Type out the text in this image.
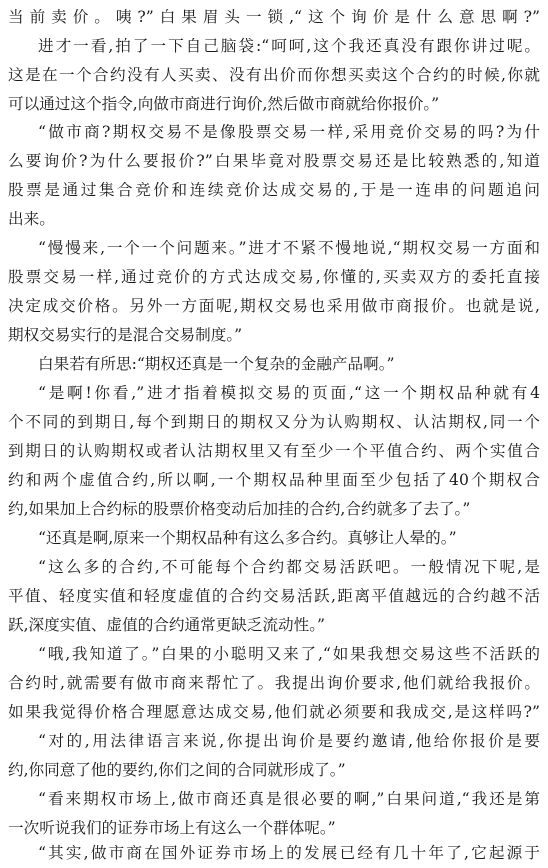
当前卖价。咦?”白果眉头一锁,“这个询价是什么意思啊?”
进才一看,拍了一下自己脑袋:“呵呵,这个我还真没有跟你讲过呢。
这是在一个合约没有人买卖、没有出价而你想买卖这个合约的时候,你就
可以通过这个指令,向做市商进行询价,然后做市商就给你报价。”
“做市商?期权交易不是像股票交易一样,采用竞价交易的吗?为什
么要询价?为什么要报价?”白果毕竟对股票交易还是比较熟悉的,知道
股票是通过集合竞价和连续竞价达成交易的,于是一连串的问题追问
出来。
“慢慢来,一个一个问题来。”进才不紧不慢地说,“期权交易一方面和
股票交易一样,通过竞价的方式达成交易,你懂的,买卖双方的委托直接
决定成交价格。另外一方面呢,期权交易也采用做市商报价。也就是说,
期权交易实行的是混合交易制度。”
白果若有所思:“期权还真是一个复杂的金融产品啊。”
“是啊!你看,”进才指着模拟交易的页面,“这一个期权品种就有4
个不同的到期日,每个到期日的期权又分为认购期权、认沽期权,同一个
到期日的认购期权或者认沽期权里又有至少一个平值合约、两个实值合
约和两个虚值合约,所以啊,一个期权品种里面至少包括了40个期权合
约,如果加上合约标的股票价格变动后加挂的合约,合约就多了去了。”
“还真是啊,原来一个期权品种有这么多合约。真够让人晕的。”
“这么多的合约,不可能每个合约都交易活跃吧。一般情况下呢,是
平值、轻度实值和轻度虚值的合约交易活跃,距离平值越远的合约越不活
跃,深度实值、虚值的合约通常更缺乏流动性。”
“哦,我知道了。”白果的小聪明又来了,“如果我想交易这些不活跃的
合约时,就需要有做市商来帮忙了。我提出询价要求,他们就给我报价。
如果我觉得价格合理愿意达成交易,他们就必须要和我成交,是这样吗?”
“对的,用法律语言来说,你提出询价是要约邀请,他给你报价是要
约,你同意了他的要约,你们之间的合同就形成了。”
“看来期权市场上,做市商还真是很必要的啊,”白果问道,“我还是第
一次听说我们的证券市场上有这么一个群体呢。”
“其实,做市商在国外证券市场上的发展已经有几十年了,它起源于
